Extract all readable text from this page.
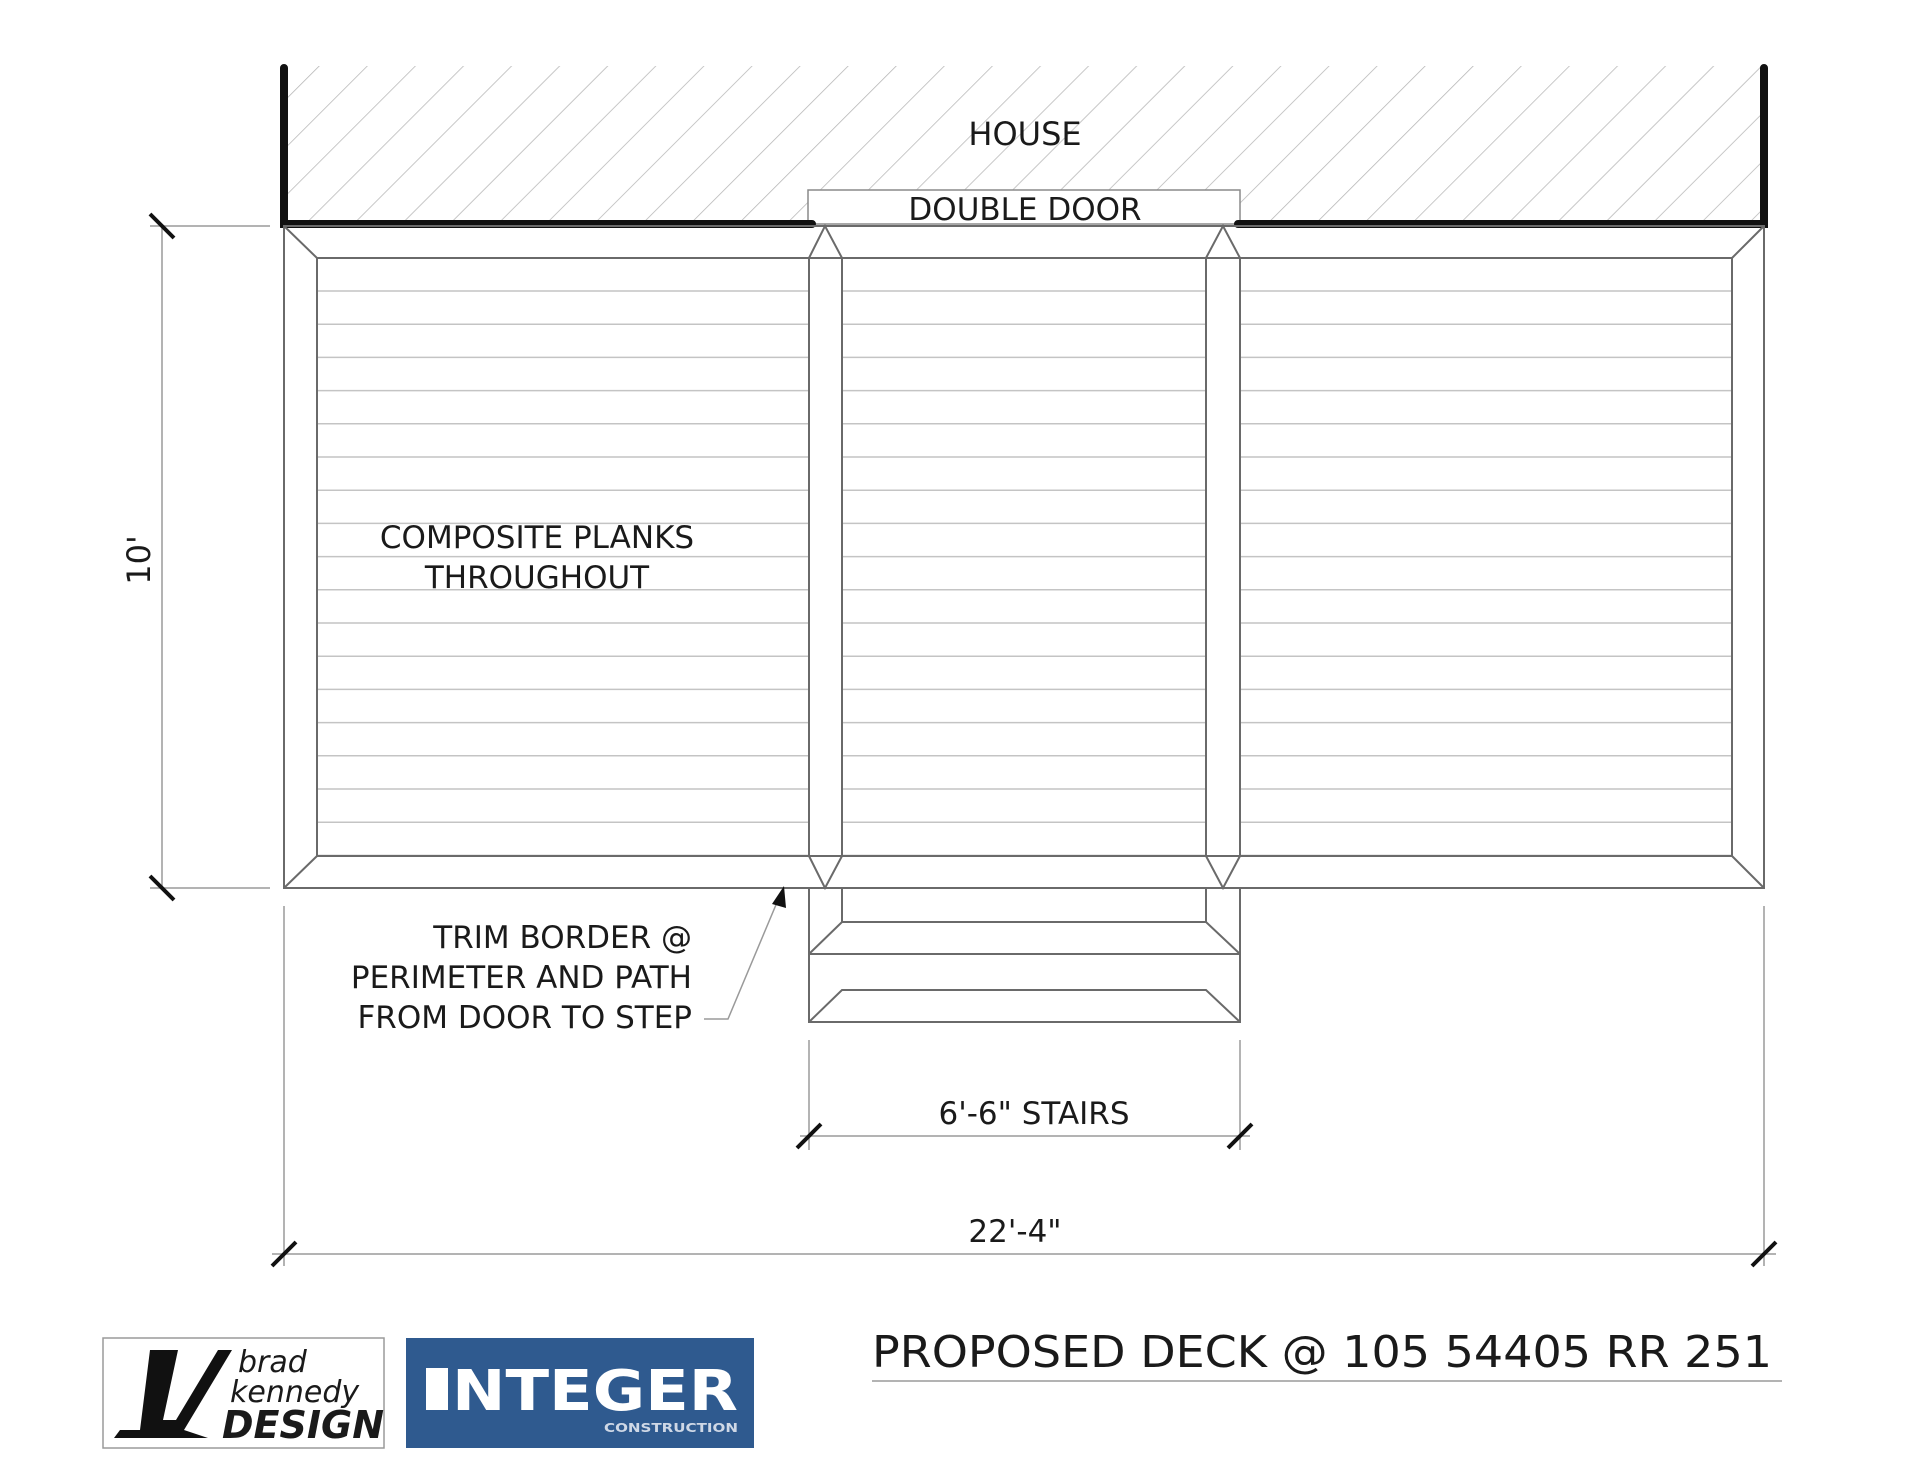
HOUSE
DOUBLE DOOR
COMPOSITE PLANKS
THROUGHOUT
TRIM BORDER @
PERIMETER AND PATH
FROM DOOR TO STEP
6'-6" STAIRS
22'-4"
10'
PROPOSED DECK @ 105 54405 RR 251
brad
kennedy
DESIGN
NTEGER
CONSTRUCTION
